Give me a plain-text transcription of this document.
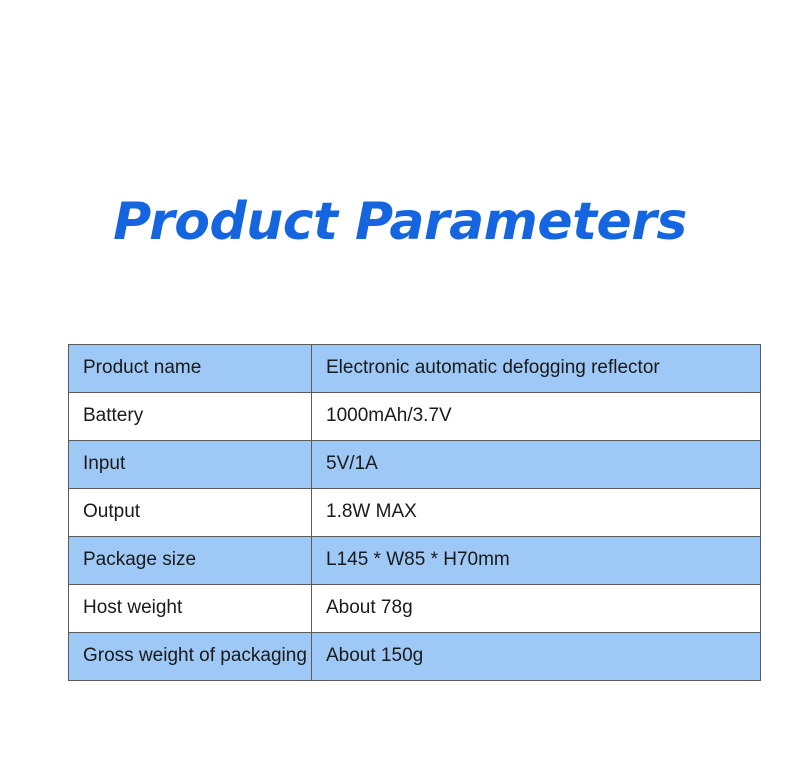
Product Parameters
Product name	Electronic automatic defogging reflector
Battery	1000mAh/3.7V
Input	5V/1A
Output	1.8W MAX
Package size	L145 * W85 * H70mm
Host weight	About 78g
Gross weight of packaging	About 150g
